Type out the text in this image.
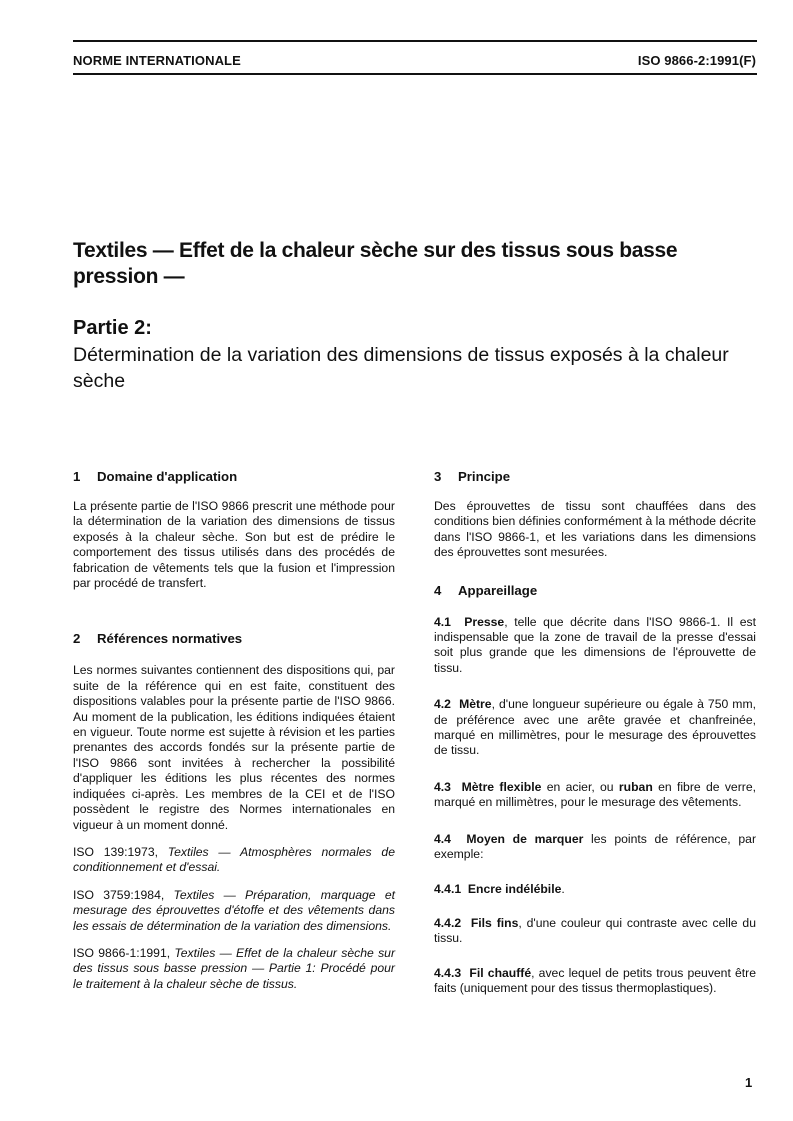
NORME INTERNATIONALE	ISO 9866-2:1991(F)
Textiles — Effet de la chaleur sèche sur des tissus sous basse pression —
Partie 2:
Détermination de la variation des dimensions de tissus exposés à la chaleur sèche
1 Domaine d'application

La présente partie de l'ISO 9866 prescrit une méthode pour la détermination de la variation des dimensions de tissus exposés à la chaleur sèche. Son but est de prédire le comportement des tissus utilisés dans des procédés de fabrication de vêtements tels que la fusion et l'impression par procédé de transfert.

2 Références normatives

Les normes suivantes contiennent des dispositions qui, par suite de la référence qui en est faite, constituent des dispositions valables pour la présente partie de l'ISO 9866. Au moment de la publication, les éditions indiquées étaient en vigueur. Toute norme est sujette à révision et les parties prenantes des accords fondés sur la présente partie de l'ISO 9866 sont invitées à rechercher la possibilité d'appliquer les éditions les plus récentes des normes indiquées ci-après. Les membres de la CEI et de l'ISO possèdent le registre des Normes internationales en vigueur à un moment donné.

ISO 139:1973, Textiles — Atmosphères normales de conditionnement et d'essai.

ISO 3759:1984, Textiles — Préparation, marquage et mesurage des éprouvettes d'étoffe et des vêtements dans les essais de détermination de la variation des dimensions.

ISO 9866-1:1991, Textiles — Effet de la chaleur sèche sur des tissus sous basse pression — Partie 1: Procédé pour le traitement à la chaleur sèche de tissus.

3 Principe

Des éprouvettes de tissu sont chauffées dans des conditions bien définies conformément à la méthode décrite dans l'ISO 9866-1, et les variations dans les dimensions des éprouvettes sont mesurées.

4 Appareillage

4.1 Presse, telle que décrite dans l'ISO 9866-1. Il est indispensable que la zone de travail de la presse d'essai soit plus grande que les dimensions de l'éprouvette de tissu.

4.2 Mètre, d'une longueur supérieure ou égale à 750 mm, de préférence avec une arête gravée et chanfreinée, marqué en millimètres, pour le mesurage des éprouvettes de tissu.

4.3 Mètre flexible en acier, ou ruban en fibre de verre, marqué en millimètres, pour le mesurage des vêtements.

4.4 Moyen de marquer les points de référence, par exemple:

4.4.1 Encre indélébile.

4.4.2 Fils fins, d'une couleur qui contraste avec celle du tissu.

4.4.3 Fil chauffé, avec lequel de petits trous peuvent être faits (uniquement pour des tissus thermoplastiques).

1
